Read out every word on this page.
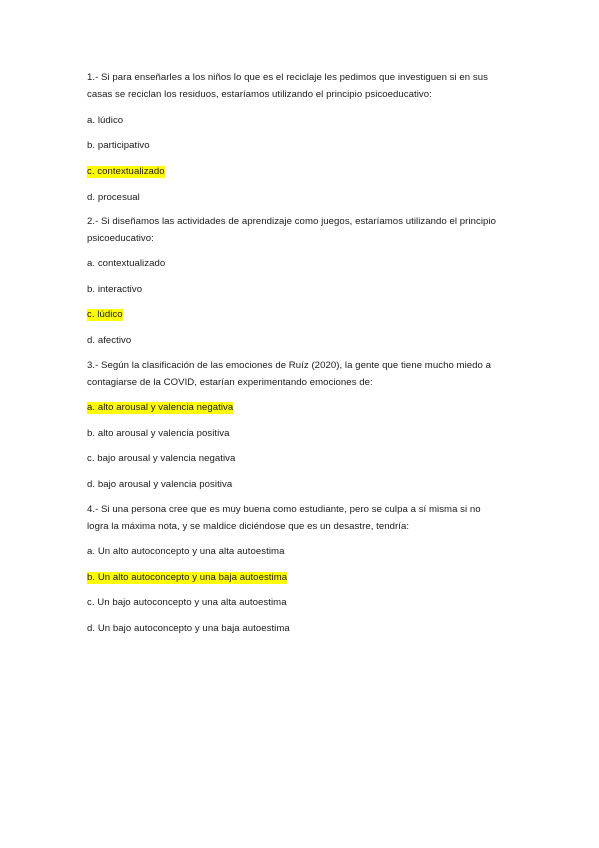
1.- Si para enseñarles a los niños lo que es el reciclaje les pedimos que investiguen si en sus
casas se reciclan los residuos, estaríamos utilizando el principio psicoeducativo:
a. lúdico
b. participativo
c. contextualizado
d. procesual
2.- Si diseñamos las actividades de aprendizaje como juegos, estaríamos utilizando el principio
psicoeducativo:
a. contextualizado
b. interactivo
c. lúdico
d. afectivo
3.- Según la clasificación de las emociones de Ruíz (2020), la gente que tiene mucho miedo a
contagiarse de la COVID, estarían experimentando emociones de:
a. alto arousal y valencia negativa
b. alto arousal y valencia positiva
c. bajo arousal y valencia negativa
d. bajo arousal y valencia positiva
4.- Si una persona cree que es muy buena como estudiante, pero se culpa a sí misma si no
logra la máxima nota, y se maldice diciéndose que es un desastre, tendría:
a. Un alto autoconcepto y una alta autoestima
b. Un alto autoconcepto y una baja autoestima
c. Un bajo autoconcepto y una alta autoestima
d. Un bajo autoconcepto y una baja autoestima
